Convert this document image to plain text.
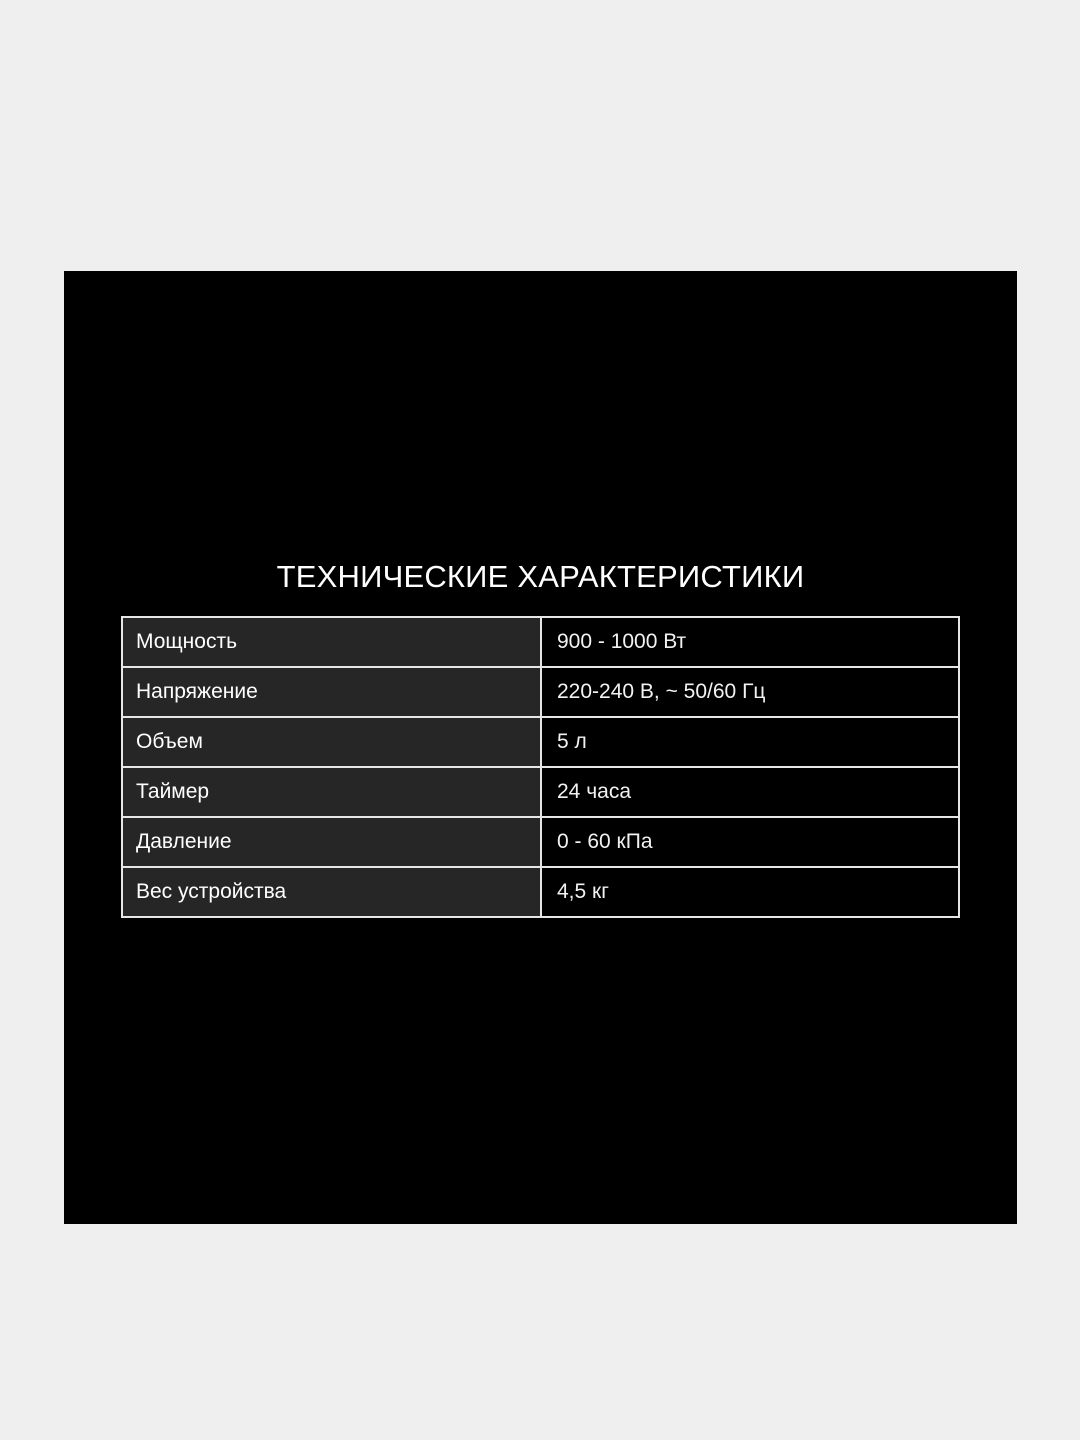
ТЕХНИЧЕСКИЕ ХАРАКТЕРИСТИКИ
Мощность	900 - 1000 Вт
Напряжение	220-240 В, ~ 50/60 Гц
Объем	5 л
Таймер	24 часа
Давление	0 - 60 кПа
Вес устройства	4,5 кг
